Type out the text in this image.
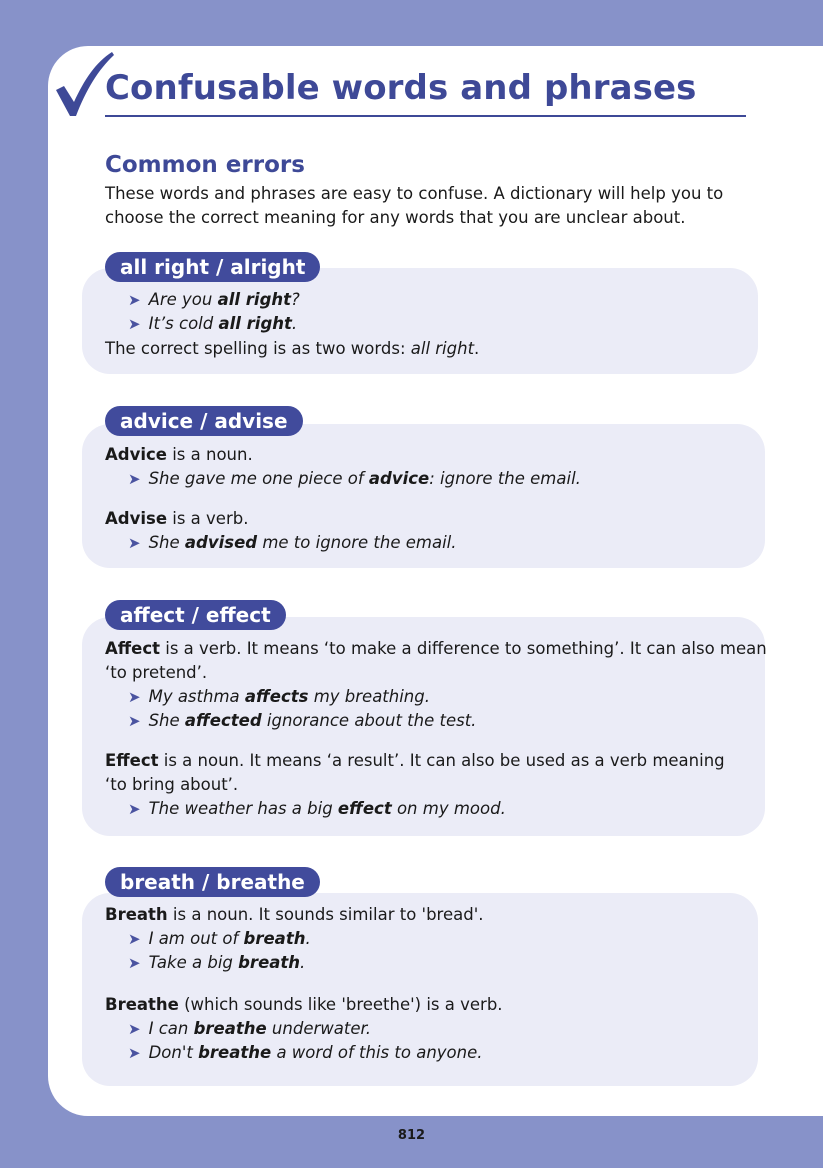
Confusable words and phrases
Common errors
These words and phrases are easy to confuse. A dictionary will help you to
choose the correct meaning for any words that you are unclear about.
all right / alright
➤ Are you all right?
➤ It’s cold all right.
The correct spelling is as two words: all right.
advice / advise
Advice is a noun.
➤ She gave me one piece of advice: ignore the email.
Advise is a verb.
➤ She advised me to ignore the email.
affect / effect
Affect is a verb. It means ‘to make a difference to something’. It can also mean
‘to pretend’.
➤ My asthma affects my breathing.
➤ She affected ignorance about the test.
Effect is a noun. It means ‘a result’. It can also be used as a verb meaning
‘to bring about’.
➤ The weather has a big effect on my mood.
breath / breathe
Breath is a noun. It sounds similar to 'bread'.
➤ I am out of breath.
➤ Take a big breath.
Breathe (which sounds like 'breethe') is a verb.
➤ I can breathe underwater.
➤ Don't breathe a word of this to anyone.
812
